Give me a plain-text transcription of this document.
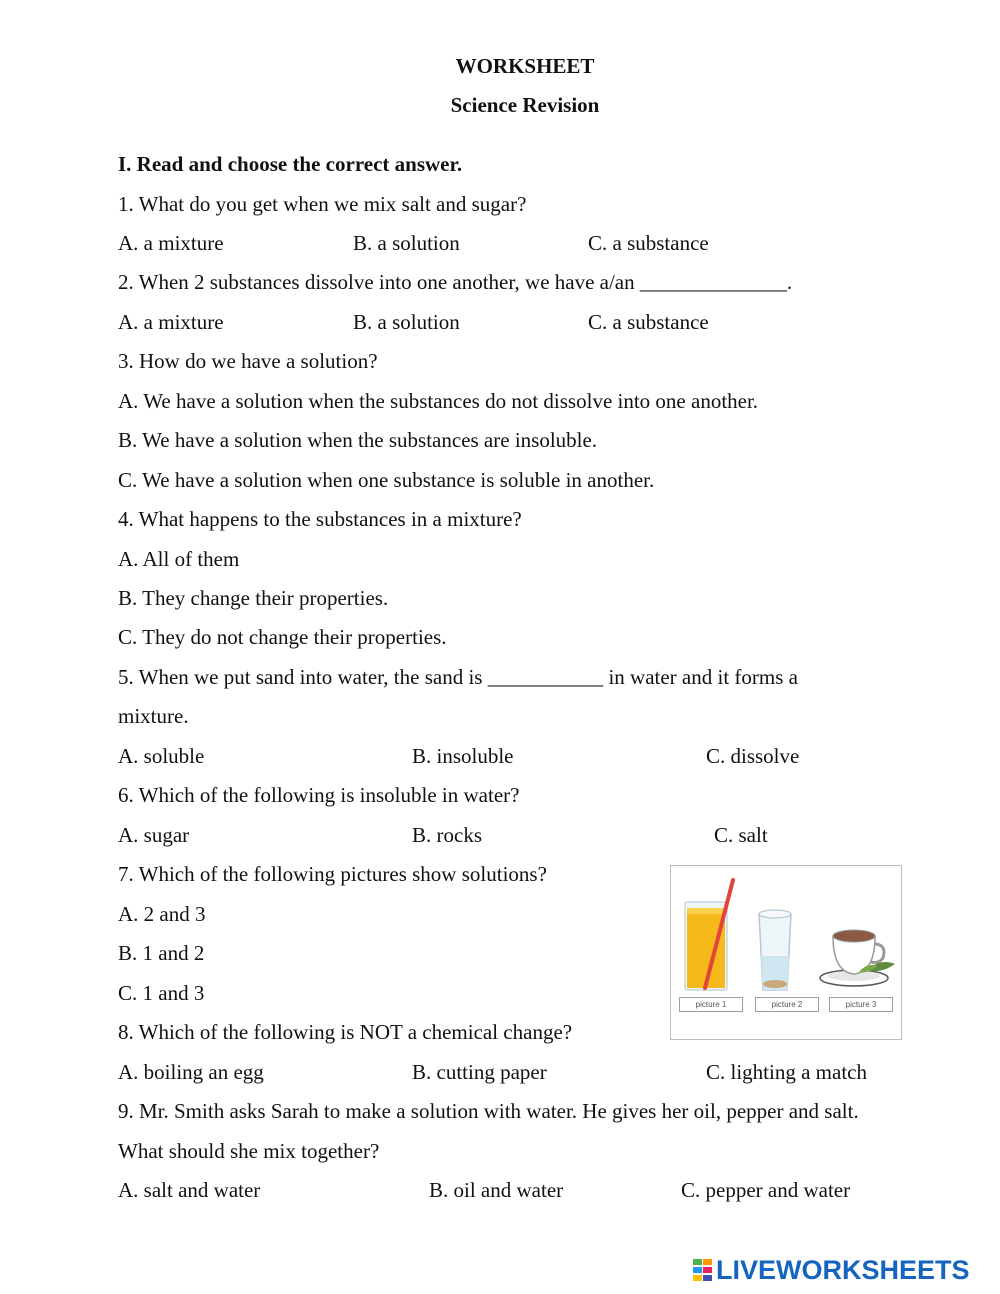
WORKSHEET
Science Revision
I. Read and choose the correct answer.
1. What do you get when we mix salt and sugar?
A. a mixture	B. a solution	C. a substance
2. When 2 substances dissolve into one another, we have a/an ______________.
A. a mixture	B. a solution	C. a substance
3. How do we have a solution?
A. We have a solution when the substances do not dissolve into one another.
B. We have a solution when the substances are insoluble.
C. We have a solution when one substance is soluble in another.
4. What happens to the substances in a mixture?
A. All of them
B. They change their properties.
C. They do not change their properties.
5. When we put sand into water, the sand is ___________ in water and it forms a
mixture.
A. soluble	B. insoluble	C. dissolve
6. Which of the following is insoluble in water?
A. sugar	B. rocks	C. salt
7. Which of the following pictures show solutions?
A. 2 and 3
B. 1 and 2
C. 1 and 3	picture 1	picture 2	picture 3
8. Which of the following is NOT a chemical change?
A. boiling an egg	B. cutting paper	C. lighting a match
9. Mr. Smith asks Sarah to make a solution with water. He gives her oil, pepper and salt.
What should she mix together?
A. salt and water	B. oil and water	C. pepper and water
LIVEWORKSHEETS
